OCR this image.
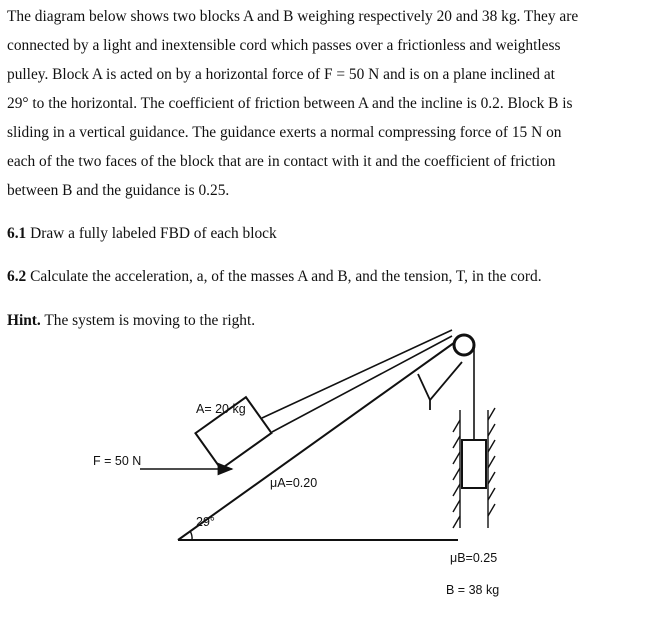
The diagram below shows two blocks A and B weighing respectively 20 and 38 kg. They are
connected by a light and inextensible cord which passes over a frictionless and weightless
pulley. Block A is acted on by a horizontal force of F = 50 N and is on a plane inclined at
29° to the horizontal. The coefficient of friction between A and the incline is 0.2. Block B is
sliding in a vertical guidance. The guidance exerts a normal compressing force of 15 N on
each of the two faces of the block that are in contact with it and the coefficient of friction
between B and the guidance is 0.25.

6.1 Draw a fully labeled FBD of each block

6.2 Calculate the acceleration, a, of the masses A and B, and the tension, T, in the cord.

Hint. The system is moving to the right.

29°
A= 20 kg
F = 50 N
μA=0.20
μB=0.25
B = 38 kg
